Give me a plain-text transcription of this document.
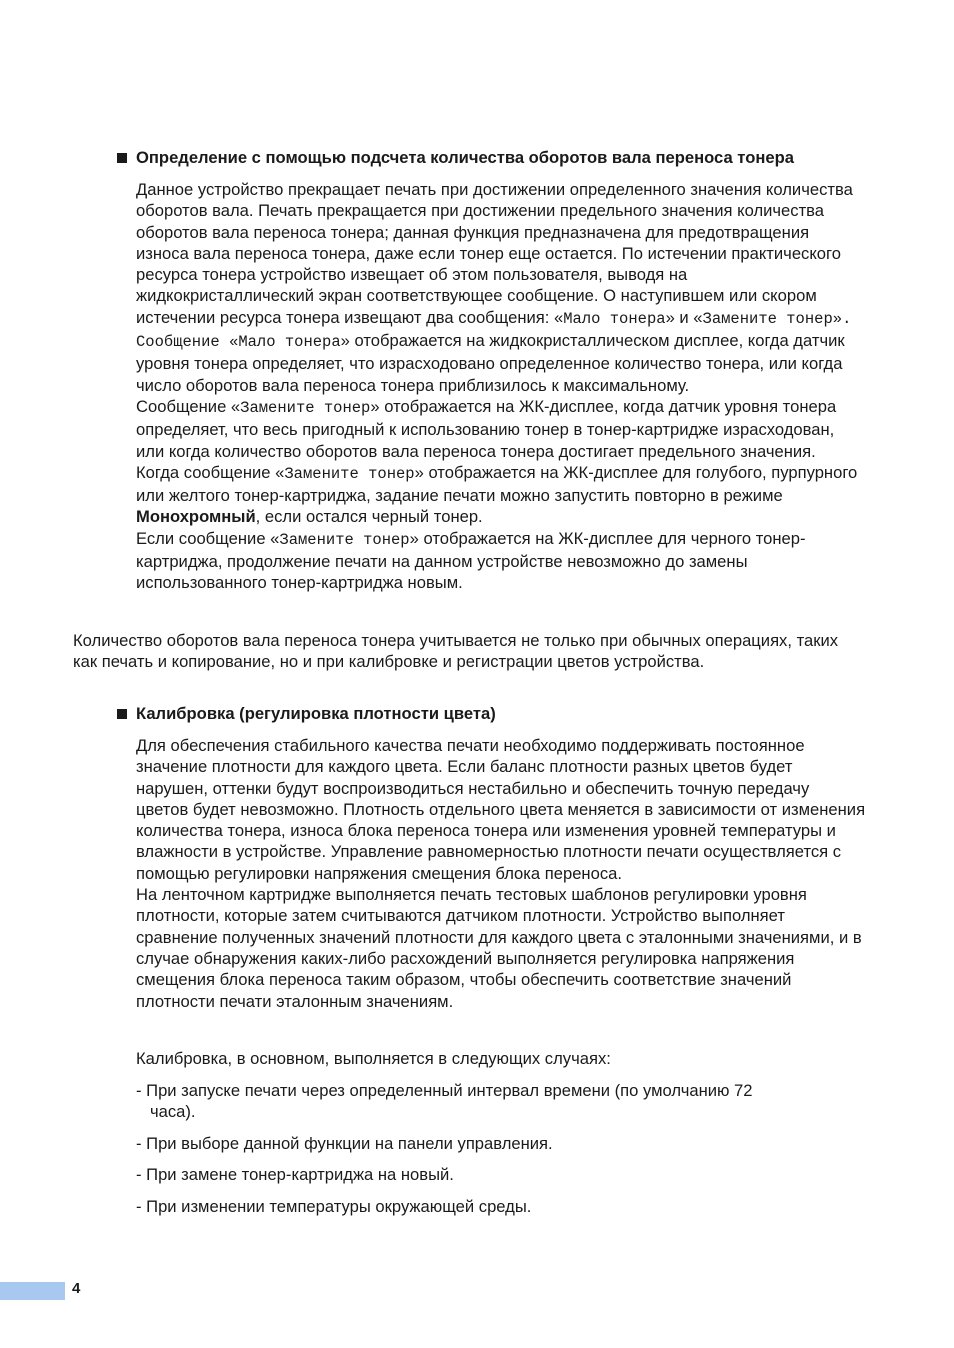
Определение с помощью подсчета количества оборотов вала переноса тонера

Данное устройство прекращает печать при достижении определенного значения количества оборотов вала. Печать прекращается при достижении предельного значения количества оборотов вала переноса тонера; данная функция предназначена для предотвращения износа вала переноса тонера, даже если тонер еще остается. По истечении практического ресурса тонера устройство извещает об этом пользователя, выводя на жидкокристаллический экран соответствующее сообщение. О наступившем или скором истечении ресурса тонера извещают два сообщения: «Мало тонера» и «Замените тонер». Сообщение «Мало тонера» отображается на жидкокристаллическом дисплее, когда датчик уровня тонера определяет, что израсходовано определенное количество тонера, или когда число оборотов вала переноса тонера приблизилось к максимальному.

Сообщение «Замените тонер» отображается на ЖК-дисплее, когда датчик уровня тонера определяет, что весь пригодный к использованию тонер в тонер-картридже израсходован, или когда количество оборотов вала переноса тонера достигает предельного значения.

Когда сообщение «Замените тонер» отображается на ЖК-дисплее для голубого, пурпурного или желтого тонер-картриджа, задание печати можно запустить повторно в режиме Монохромный, если остался черный тонер.

Если сообщение «Замените тонер» отображается на ЖК-дисплее для черного тонер-картриджа, продолжение печати на данном устройстве невозможно до замены использованного тонер-картриджа новым.

Количество оборотов вала переноса тонера учитывается не только при обычных операциях, таких как печать и копирование, но и при калибровке и регистрации цветов устройства.

Калибровка (регулировка плотности цвета)

Для обеспечения стабильного качества печати необходимо поддерживать постоянное значение плотности для каждого цвета. Если баланс плотности разных цветов будет нарушен, оттенки будут воспроизводиться нестабильно и обеспечить точную передачу цветов будет невозможно. Плотность отдельного цвета меняется в зависимости от изменения количества тонера, износа блока переноса тонера или изменения уровней температуры и влажности в устройстве. Управление равномерностью плотности печати осуществляется с помощью регулировки напряжения смещения блока переноса.

На ленточном картридже выполняется печать тестовых шаблонов регулировки уровня плотности, которые затем считываются датчиком плотности. Устройство выполняет сравнение полученных значений плотности для каждого цвета с эталонными значениями, и в случае обнаружения каких-либо расхождений выполняется регулировка напряжения смещения блока переноса таким образом, чтобы обеспечить соответствие значений плотности печати эталонным значениям.

Калибровка, в основном, выполняется в следующих случаях:

- При запуске печати через определенный интервал времени (по умолчанию 72
часа).
- При выборе данной функции на панели управления.
- При замене тонер-картриджа на новый.
- При изменении температуры окружающей среды.
4
